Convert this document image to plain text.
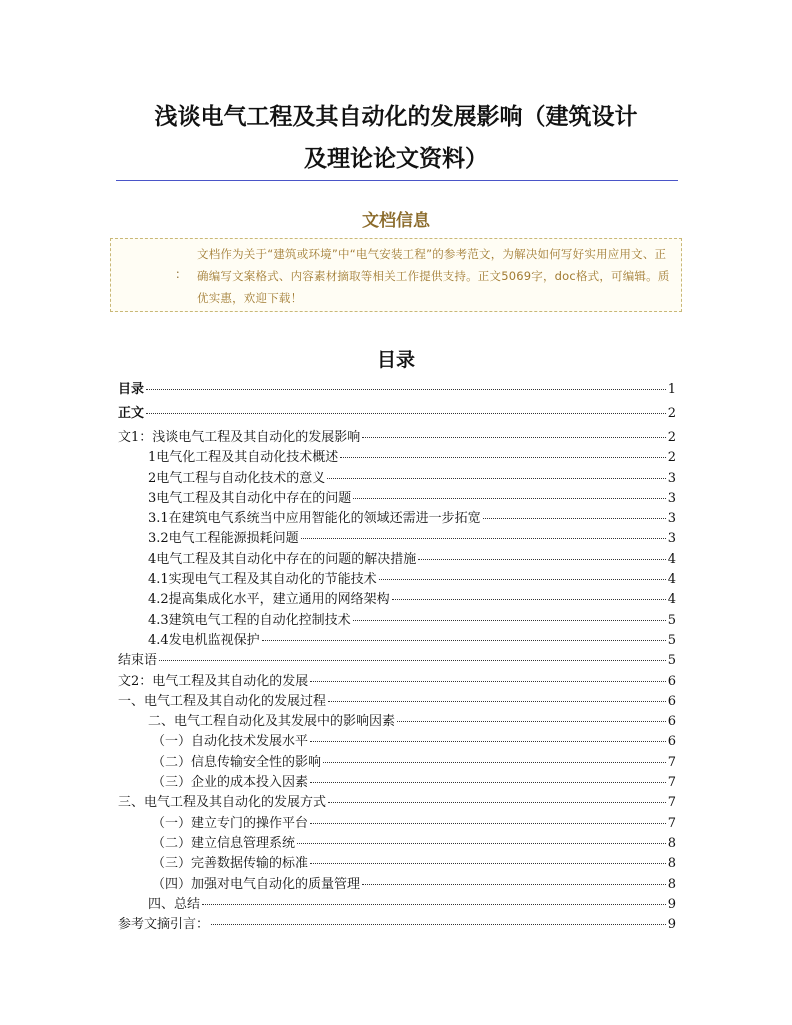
浅谈电气工程及其自动化的发展影响（建筑设计
及理论论文资料）
文档信息
：
文档作为关于“建筑或环境”中“电气安装工程”的参考范文，为解决如何写好实用应用文、正确编写文案格式、内容素材摘取等相关工作提供支持。正文5069字，doc格式，可编辑。质优实惠，欢迎下载！
目录
目录	1
正文	2
文1：浅谈电气工程及其自动化的发展影响	2
1电气化工程及其自动化技术概述	2
2电气工程与自动化技术的意义	3
3电气工程及其自动化中存在的问题	3
3.1在建筑电气系统当中应用智能化的领域还需进一步拓宽	3
3.2电气工程能源损耗问题	3
4电气工程及其自动化中存在的问题的解决措施	4
4.1实现电气工程及其自动化的节能技术	4
4.2提高集成化水平，建立通用的网络架构	4
4.3建筑电气工程的自动化控制技术	5
4.4发电机监视保护	5
结束语	5
文2：电气工程及其自动化的发展	6
一、电气工程及其自动化的发展过程	6
二、电气工程自动化及其发展中的影响因素	6
（一）自动化技术发展水平	6
（二）信息传输安全性的影响	7
（三）企业的成本投入因素	7
三、电气工程及其自动化的发展方式	7
（一）建立专门的操作平台	7
（二）建立信息管理系统	8
（三）完善数据传输的标准	8
（四）加强对电气自动化的质量管理	8
四、总结	9
参考文摘引言：	9
